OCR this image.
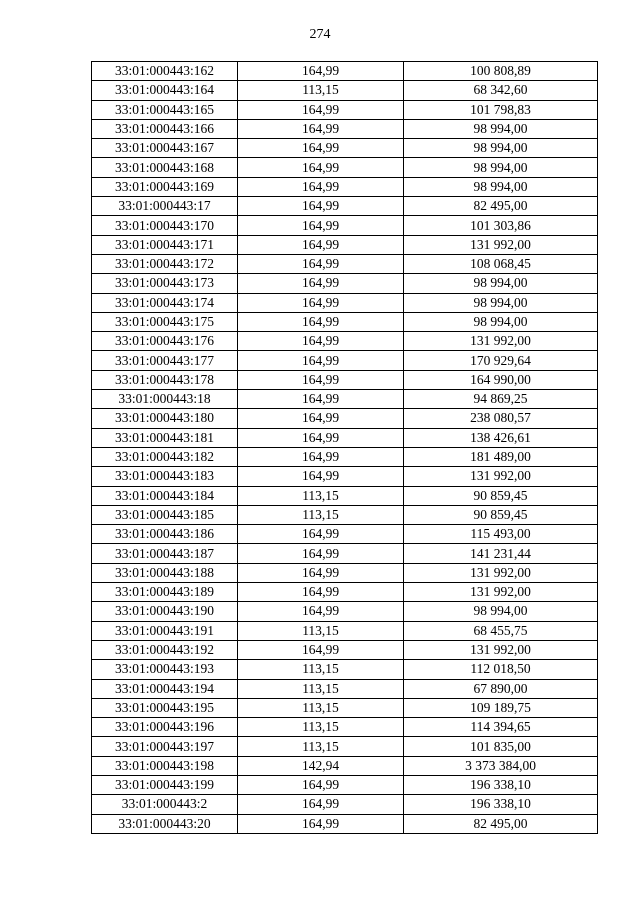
274
33:01:000443:162	164,99	100 808,89
33:01:000443:164	113,15	68 342,60
33:01:000443:165	164,99	101 798,83
33:01:000443:166	164,99	98 994,00
33:01:000443:167	164,99	98 994,00
33:01:000443:168	164,99	98 994,00
33:01:000443:169	164,99	98 994,00
33:01:000443:17	164,99	82 495,00
33:01:000443:170	164,99	101 303,86
33:01:000443:171	164,99	131 992,00
33:01:000443:172	164,99	108 068,45
33:01:000443:173	164,99	98 994,00
33:01:000443:174	164,99	98 994,00
33:01:000443:175	164,99	98 994,00
33:01:000443:176	164,99	131 992,00
33:01:000443:177	164,99	170 929,64
33:01:000443:178	164,99	164 990,00
33:01:000443:18	164,99	94 869,25
33:01:000443:180	164,99	238 080,57
33:01:000443:181	164,99	138 426,61
33:01:000443:182	164,99	181 489,00
33:01:000443:183	164,99	131 992,00
33:01:000443:184	113,15	90 859,45
33:01:000443:185	113,15	90 859,45
33:01:000443:186	164,99	115 493,00
33:01:000443:187	164,99	141 231,44
33:01:000443:188	164,99	131 992,00
33:01:000443:189	164,99	131 992,00
33:01:000443:190	164,99	98 994,00
33:01:000443:191	113,15	68 455,75
33:01:000443:192	164,99	131 992,00
33:01:000443:193	113,15	112 018,50
33:01:000443:194	113,15	67 890,00
33:01:000443:195	113,15	109 189,75
33:01:000443:196	113,15	114 394,65
33:01:000443:197	113,15	101 835,00
33:01:000443:198	142,94	3 373 384,00
33:01:000443:199	164,99	196 338,10
33:01:000443:2	164,99	196 338,10
33:01:000443:20	164,99	82 495,00
